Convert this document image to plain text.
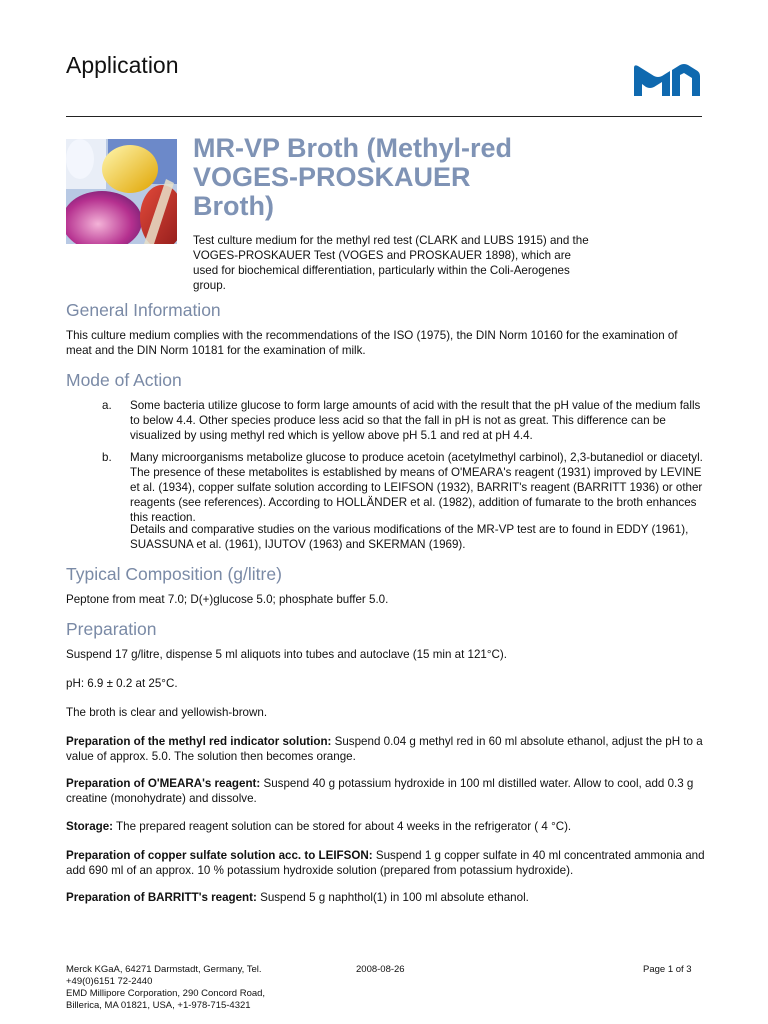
Application
MR-VP Broth (Methyl-red VOGES-PROSKAUER Broth)
Test culture medium for the methyl red test (CLARK and LUBS 1915) and the VOGES-PROSKAUER Test (VOGES and PROSKAUER 1898), which are used for biochemical differentiation, particularly within the Coli-Aerogenes group.
General Information
This culture medium complies with the recommendations of the ISO (1975), the DIN Norm 10160 for the examination of meat and the DIN Norm 10181 for the examination of milk.
Mode of Action
a. Some bacteria utilize glucose to form large amounts of acid with the result that the pH value of the medium falls to below 4.4. Other species produce less acid so that the fall in pH is not as great. This difference can be visualized by using methyl red which is yellow above pH 5.1 and red at pH 4.4.
b. Many microorganisms metabolize glucose to produce acetoin (acetylmethyl carbinol), 2,3-butanediol or diacetyl. The presence of these metabolites is established by means of O'MEARA's reagent (1931) improved by LEVINE et al. (1934), copper sulfate solution according to LEIFSON (1932), BARRIT's reagent (BARRITT 1936) or other reagents (see references). According to HOLLÄNDER et al. (1982), addition of fumarate to the broth enhances this reaction.
Details and comparative studies on the various modifications of the MR-VP test are to found in EDDY (1961), SUASSUNA et al. (1961), IJUTOV (1963) and SKERMAN (1969).
Typical Composition (g/litre)
Peptone from meat 7.0; D(+)glucose 5.0; phosphate buffer 5.0.
Preparation
Suspend 17 g/litre, dispense 5 ml aliquots into tubes and autoclave (15 min at 121°C).
pH: 6.9 ± 0.2 at 25°C.
The broth is clear and yellowish-brown.
Preparation of the methyl red indicator solution: Suspend 0.04 g methyl red in 60 ml absolute ethanol, adjust the pH to a value of approx. 5.0. The solution then becomes orange.
Preparation of O'MEARA's reagent: Suspend 40 g potassium hydroxide in 100 ml distilled water. Allow to cool, add 0.3 g creatine (monohydrate) and dissolve.
Storage: The prepared reagent solution can be stored for about 4 weeks in the refrigerator ( 4 °C).
Preparation of copper sulfate solution acc. to LEIFSON: Suspend 1 g copper sulfate in 40 ml concentrated ammonia and add 690 ml of an approx. 10 % potassium hydroxide solution (prepared from potassium hydroxide).
Preparation of BARRITT's reagent: Suspend 5 g naphthol(1) in 100 ml absolute ethanol.
Merck KGaA, 64271 Darmstadt, Germany, Tel.
+49(0)6151 72-2440
EMD Millipore Corporation, 290 Concord Road,
Billerica, MA 01821, USA, +1-978-715-4321
2008-08-26	Page 1 of 3
